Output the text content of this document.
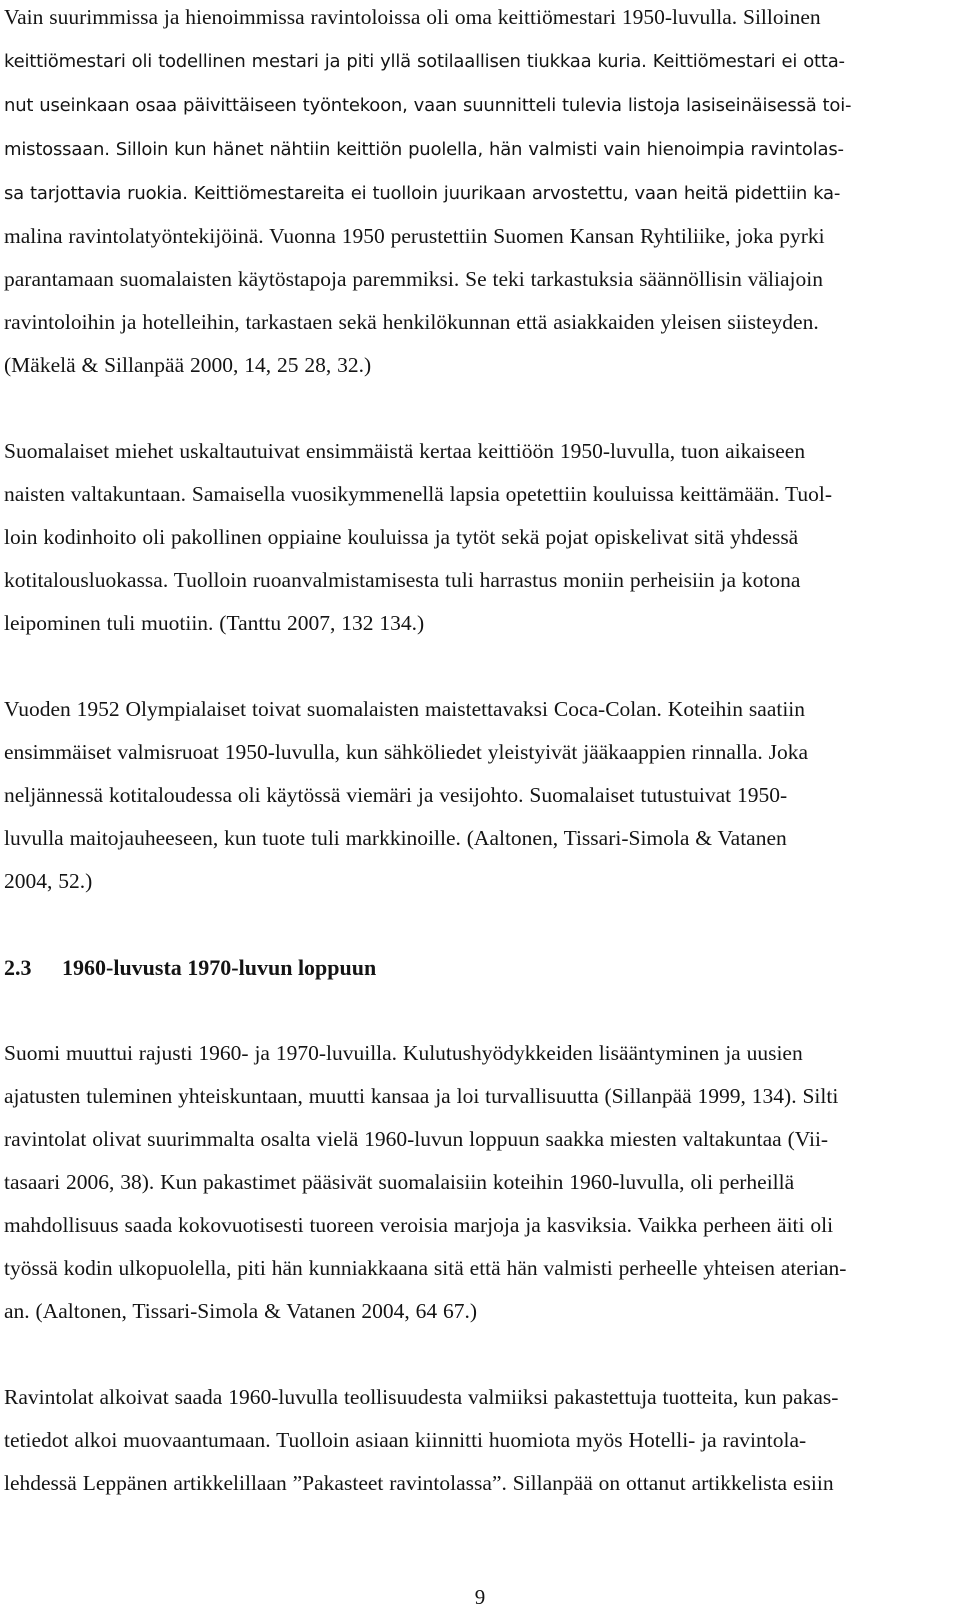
Vain suurimmissa ja hienoimmissa ravintoloissa oli oma keittiömestari 1950-luvulla. Silloinen
keittiömestari oli todellinen mestari ja piti yllä sotilaallisen tiukkaa kuria. Keittiömestari ei otta-
nut useinkaan osaa päivittäiseen työntekoon, vaan suunnitteli tulevia listoja lasiseinäisessä toi-
mistossaan. Silloin kun hänet nähtiin keittiön puolella, hän valmisti vain hienoimpia ravintolas-
sa tarjottavia ruokia. Keittiömestareita ei tuolloin juurikaan arvostettu, vaan heitä pidettiin ka-
malina ravintolatyöntekijöinä. Vuonna 1950 perustettiin Suomen Kansan Ryhtiliike, joka pyrki
parantamaan suomalaisten käytöstapoja paremmiksi. Se teki tarkastuksia säännöllisin väliajoin
ravintoloihin ja hotelleihin, tarkastaen sekä henkilökunnan että asiakkaiden yleisen siisteyden.
(Mäkelä & Sillanpää 2000, 14, 25 28, 32.)

Suomalaiset miehet uskaltautuivat ensimmäistä kertaa keittiöön 1950-luvulla, tuon aikaiseen
naisten valtakuntaan. Samaisella vuosikymmenellä lapsia opetettiin kouluissa keittämään. Tuol-
loin kodinhoito oli pakollinen oppiaine kouluissa ja tytöt sekä pojat opiskelivat sitä yhdessä
kotitalousluokassa. Tuolloin ruoanvalmistamisesta tuli harrastus moniin perheisiin ja kotona
leipominen tuli muotiin. (Tanttu 2007, 132 134.)

Vuoden 1952 Olympialaiset toivat suomalaisten maistettavaksi Coca-Colan. Koteihin saatiin
ensimmäiset valmisruoat 1950-luvulla, kun sähköliedet yleistyivät jääkaappien rinnalla. Joka
neljännessä kotitaloudessa oli käytössä viemäri ja vesijohto. Suomalaiset tutustuivat 1950-
luvulla maitojauheeseen, kun tuote tuli markkinoille. (Aaltonen, Tissari-Simola & Vatanen
2004, 52.)

2.3	1960-luvusta 1970-luvun loppuun

Suomi muuttui rajusti 1960- ja 1970-luvuilla. Kulutushyödykkeiden lisääntyminen ja uusien
ajatusten tuleminen yhteiskuntaan, muutti kansaa ja loi turvallisuutta (Sillanpää 1999, 134). Silti
ravintolat olivat suurimmalta osalta vielä 1960-luvun loppuun saakka miesten valtakuntaa (Vii-
tasaari 2006, 38). Kun pakastimet pääsivät suomalaisiin koteihin 1960-luvulla, oli perheillä
mahdollisuus saada kokovuotisesti tuoreen veroisia marjoja ja kasviksia. Vaikka perheen äiti oli
työssä kodin ulkopuolella, piti hän kunniakkaana sitä että hän valmisti perheelle yhteisen aterian-
an. (Aaltonen, Tissari-Simola & Vatanen 2004, 64 67.)

Ravintolat alkoivat saada 1960-luvulla teollisuudesta valmiiksi pakastettuja tuotteita, kun pakas-
tetiedot alkoi muovaantumaan. Tuolloin asiaan kiinnitti huomiota myös Hotelli- ja ravintola-
lehdessä Leppänen artikkelillaan ”Pakasteet ravintolassa”. Sillanpää on ottanut artikkelista esiin

9
